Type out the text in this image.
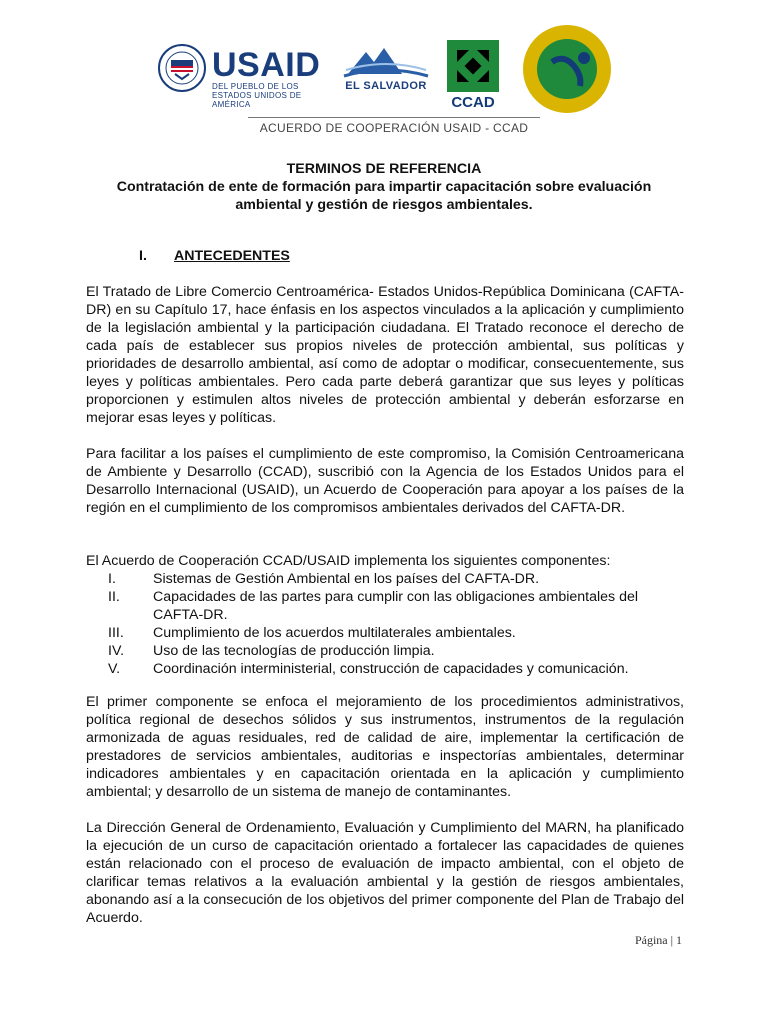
USAID
DEL PUEBLO DE LOS ESTADOS UNIDOS DE AMÉRICA
EL SALVADOR
CCAD
ACUERDO DE COOPERACIÓN USAID - CCAD
TERMINOS DE REFERENCIA
Contratación de ente de formación para impartir capacitación sobre evaluación ambiental y gestión de riesgos ambientales.
I. ANTECEDENTES

El Tratado de Libre Comercio Centroamérica- Estados Unidos-República Dominicana (CAFTA-DR) en su Capítulo 17, hace énfasis en los aspectos vinculados a la aplicación y cumplimiento de la legislación ambiental y la participación ciudadana. El Tratado reconoce el derecho de cada país de establecer sus propios niveles de protección ambiental, sus políticas y prioridades de desarrollo ambiental, así como de adoptar o modificar, consecuentemente, sus leyes y políticas ambientales. Pero cada parte deberá garantizar que sus leyes y políticas proporcionen y estimulen altos niveles de protección ambiental y deberán esforzarse en mejorar esas leyes y políticas.

Para facilitar a los países el cumplimiento de este compromiso, la Comisión Centroamericana de Ambiente y Desarrollo (CCAD), suscribió con la Agencia de los Estados Unidos para el Desarrollo Internacional (USAID), un Acuerdo de Cooperación para apoyar a los países de la región en el cumplimiento de los compromisos ambientales derivados del CAFTA-DR.

El Acuerdo de Cooperación CCAD/USAID implementa los siguientes componentes:

I.	Sistemas de Gestión Ambiental en los países del CAFTA-DR.
II.	Capacidades de las partes para cumplir con las obligaciones ambientales del CAFTA-DR.
III.	Cumplimiento de los acuerdos multilaterales ambientales.
IV.	Uso de las tecnologías de producción limpia.
V.	Coordinación interministerial, construcción de capacidades y comunicación.

El primer componente se enfoca el mejoramiento de los procedimientos administrativos, política regional de desechos sólidos y sus instrumentos, instrumentos de la regulación armonizada de aguas residuales, red de calidad de aire, implementar la certificación de prestadores de servicios ambientales, auditorias e inspectorías ambientales, determinar indicadores ambientales y en capacitación orientada en la aplicación y cumplimiento ambiental; y desarrollo de un sistema de manejo de contaminantes.

La Dirección General de Ordenamiento, Evaluación y Cumplimiento del MARN, ha planificado la ejecución de un curso de capacitación orientado a fortalecer las capacidades de quienes están relacionado con el proceso de evaluación de impacto ambiental, con el objeto de clarificar temas relativos a la evaluación ambiental y la gestión de riesgos ambientales, abonando así a la consecución de los objetivos del primer componente del Plan de Trabajo del Acuerdo.

Página | 1
